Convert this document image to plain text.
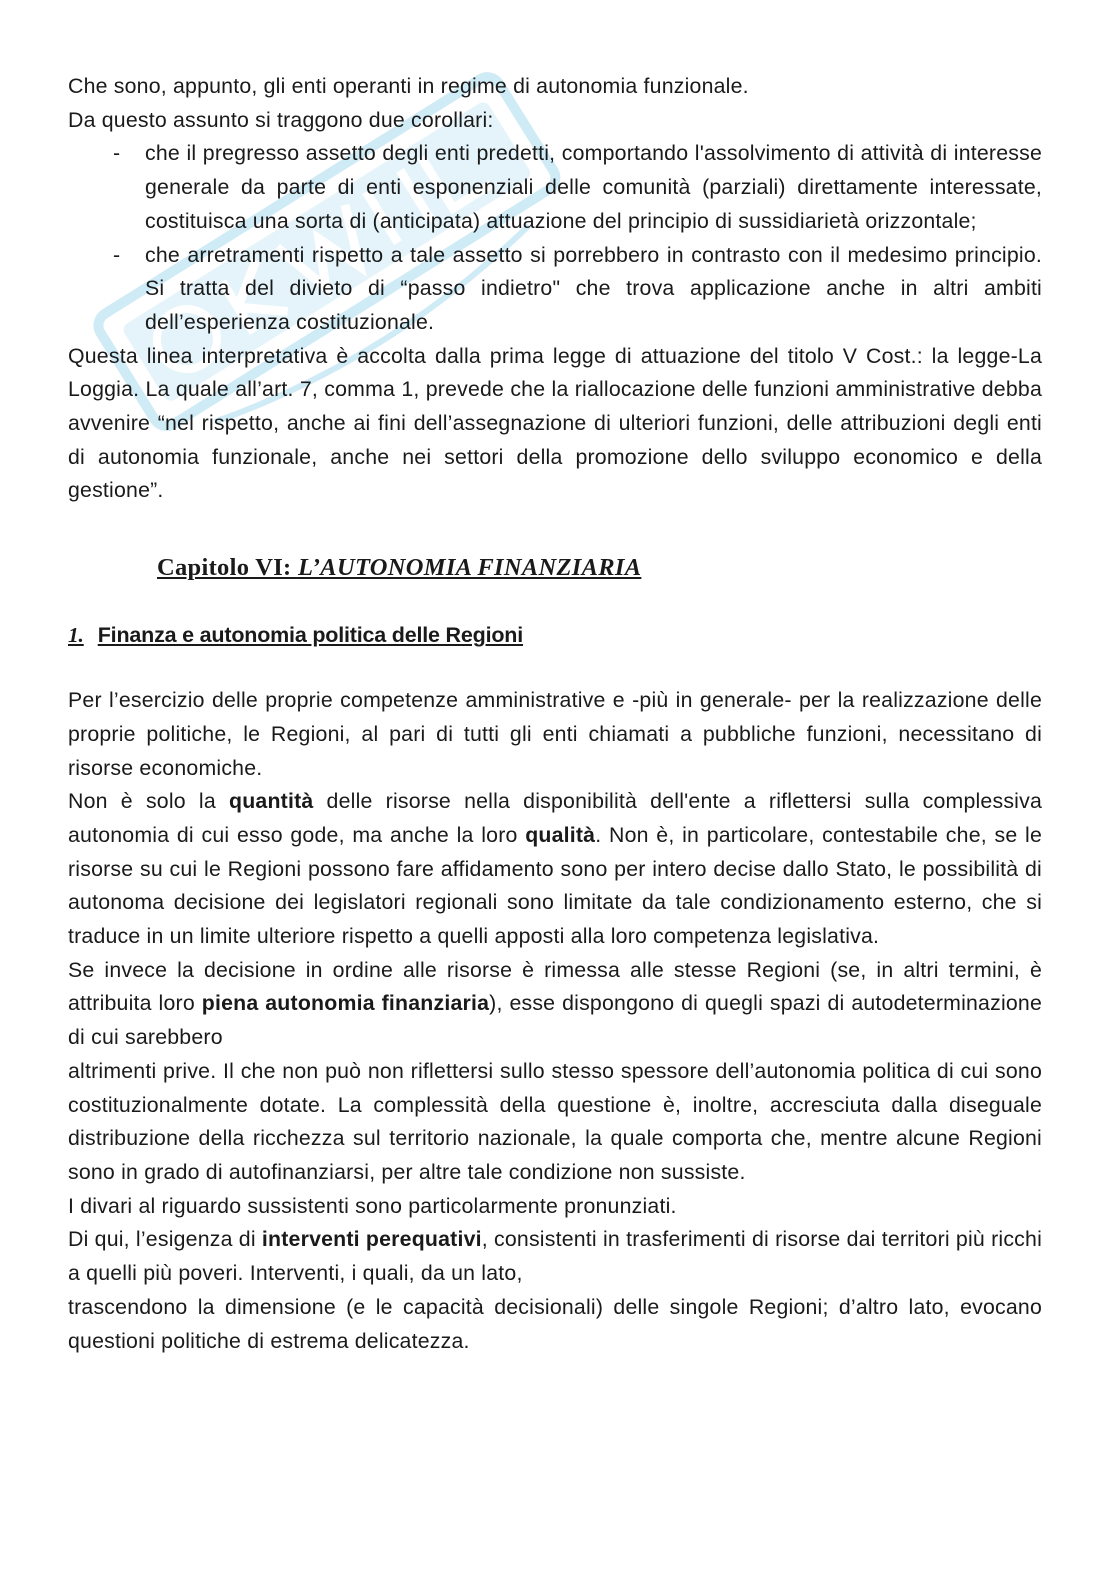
Che sono, appunto, gli enti operanti in regime di autonomia funzionale.

Da questo assunto si traggono due corollari:

- che il pregresso assetto degli enti predetti, comportando l'assolvimento di attività di interesse generale da parte di enti esponenziali delle comunità (parziali) direttamente interessate, costituisca una sorta di (anticipata) attuazione del principio di sussidiarietà orizzontale;
- che arretramenti rispetto a tale assetto si porrebbero in contrasto con il medesimo principio. Si tratta del divieto di “passo indietro" che trova applicazione anche in altri ambiti dell’esperienza costituzionale.

Questa linea interpretativa è accolta dalla prima legge di attuazione del titolo V Cost.: la legge-La Loggia. La quale all’art. 7, comma 1, prevede che la riallocazione delle funzioni amministrative debba avvenire “nel rispetto, anche ai fini dell’assegnazione di ulteriori funzioni, delle attribuzioni degli enti di autonomia funzionale, anche nei settori della promozione dello sviluppo economico e della gestione”.

Capitolo VI: L’AUTONOMIA FINANZIARIA
1. Finanza e autonomia politica delle Regioni

Per l’esercizio delle proprie competenze amministrative e -più in generale- per la realizzazione delle proprie politiche, le Regioni, al pari di tutti gli enti chiamati a pubbliche funzioni, necessitano di risorse economiche.

Non è solo la quantità delle risorse nella disponibilità dell'ente a riflettersi sulla complessiva autonomia di cui esso gode, ma anche la loro qualità. Non è, in particolare, contestabile che, se le risorse su cui le Regioni possono fare affidamento sono per intero decise dallo Stato, le possibilità di autonoma decisione dei legislatori regionali sono limitate da tale condizionamento esterno, che si traduce in un limite ulteriore rispetto a quelli apposti alla loro competenza legislativa.

Se invece la decisione in ordine alle risorse è rimessa alle stesse Regioni (se, in altri termini, è attribuita loro piena autonomia finanziaria), esse dispongono di quegli spazi di autodeterminazione di cui sarebbero

altrimenti prive. Il che non può non riflettersi sullo stesso spessore dell’autonomia politica di cui sono costituzionalmente dotate. La complessità della questione è, inoltre, accresciuta dalla diseguale distribuzione della ricchezza sul territorio nazionale, la quale comporta che, mentre alcune Regioni sono in grado di autofinanziarsi, per altre tale condizione non sussiste.

I divari al riguardo sussistenti sono particolarmente pronunziati.

Di qui, l’esigenza di interventi perequativi, consistenti in trasferimenti di risorse dai territori più ricchi a quelli più poveri. Interventi, i quali, da un lato,

trascendono la dimensione (e le capacità decisionali) delle singole Regioni; d’altro lato, evocano questioni politiche di estrema delicatezza.
